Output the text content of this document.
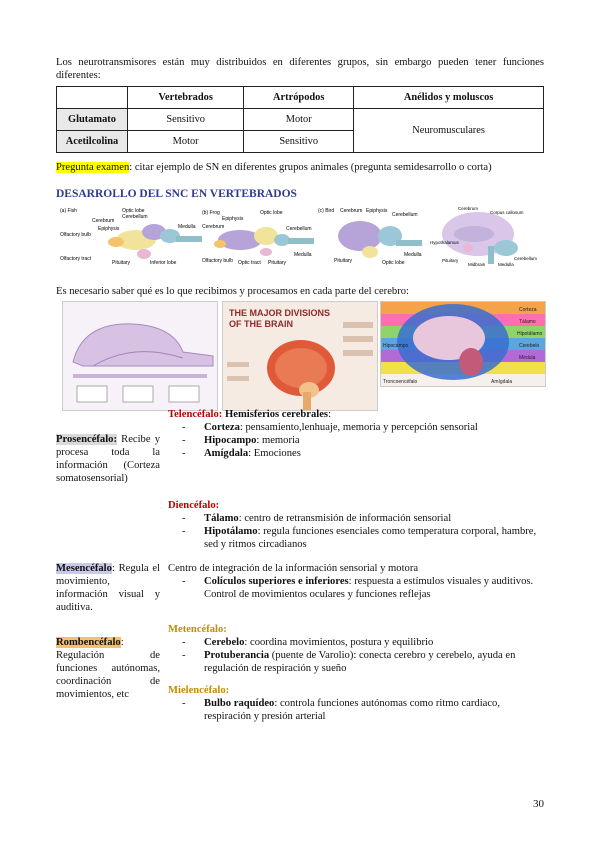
Los neurotransmisores están muy distribuidos en diferentes grupos, sin embargo pueden tener funciones diferentes:
	Vertebrados	Artrópodos	Anélidos y moluscos
Glutamato	Sensitivo	Motor	Neuromusculares
Acetilcolina	Motor	Sensitivo	
Pregunta examen: citar ejemplo de SN en diferentes grupos animales (pregunta semidesarrollo o corta)
DESARROLLO DEL SNC EN VERTEBRADOS
(a) Fish	Optic lobe
Cerebellum
Cerebrum
Epiphysis	Medulla
Olfactory bulb
Olfactory tract
Pituitary	Inferior lobe
(b) Frog
Epiphysis
Optic lobe
Cerebrum	Cerebellum
Olfactory bulb Optic tract Pituitary
Medulla
(c) Bird Cerebrum Epiphysis
Cerebellum
Medulla
Pituitary	Optic lobe
Cerebrum
Corpus callosum
Hypothalamus
Pituitary
Midbrain
Cerebellum
Medulla
Es necesario saber qué es lo que recibimos y procesamos en cada parte del cerebro:
THE MAJOR DIVISIONS
OF THE BRAIN
Corteza
Tálamo
Hipotálamo
Cerebelo
Médula
Hipocampo
Troncoencéfalo	Amígdala
Prosencéfalo: Recibe y procesa toda la información (Corteza somatosensorial)
Telencéfalo: Hemisferios cerebrales:
- Corteza: pensamiento,lenhuaje, memoria y percepción sensorial
- Hipocampo: memoria
- Amígdala: Emociones
Diencéfalo:
- Tálamo: centro de retransmisión de información sensorial
- Hipotálamo: regula funciones esenciales como temperatura corporal, hambre, sed y ritmos circadianos
Mesencéfalo: Regula el movimiento, información visual y auditiva.
Centro de integración de la información sensorial y motora
- Colículos superiores e inferiores: respuesta a estímulos visuales y auditivos. Control de movimientos oculares y funciones reflejas
Rombencéfalo: Regulación de funciones autónomas, coordinación de movimientos, etc
Metencéfalo:
- Cerebelo: coordina movimientos, postura y equilibrio
- Protuberancia (puente de Varolio): conecta cerebro y cerebelo, ayuda en regulación de respiración y sueño
Mielencéfalo:
- Bulbo raquídeo: controla funciones autónomas como ritmo cardiaco, respiración y presión arterial
30
